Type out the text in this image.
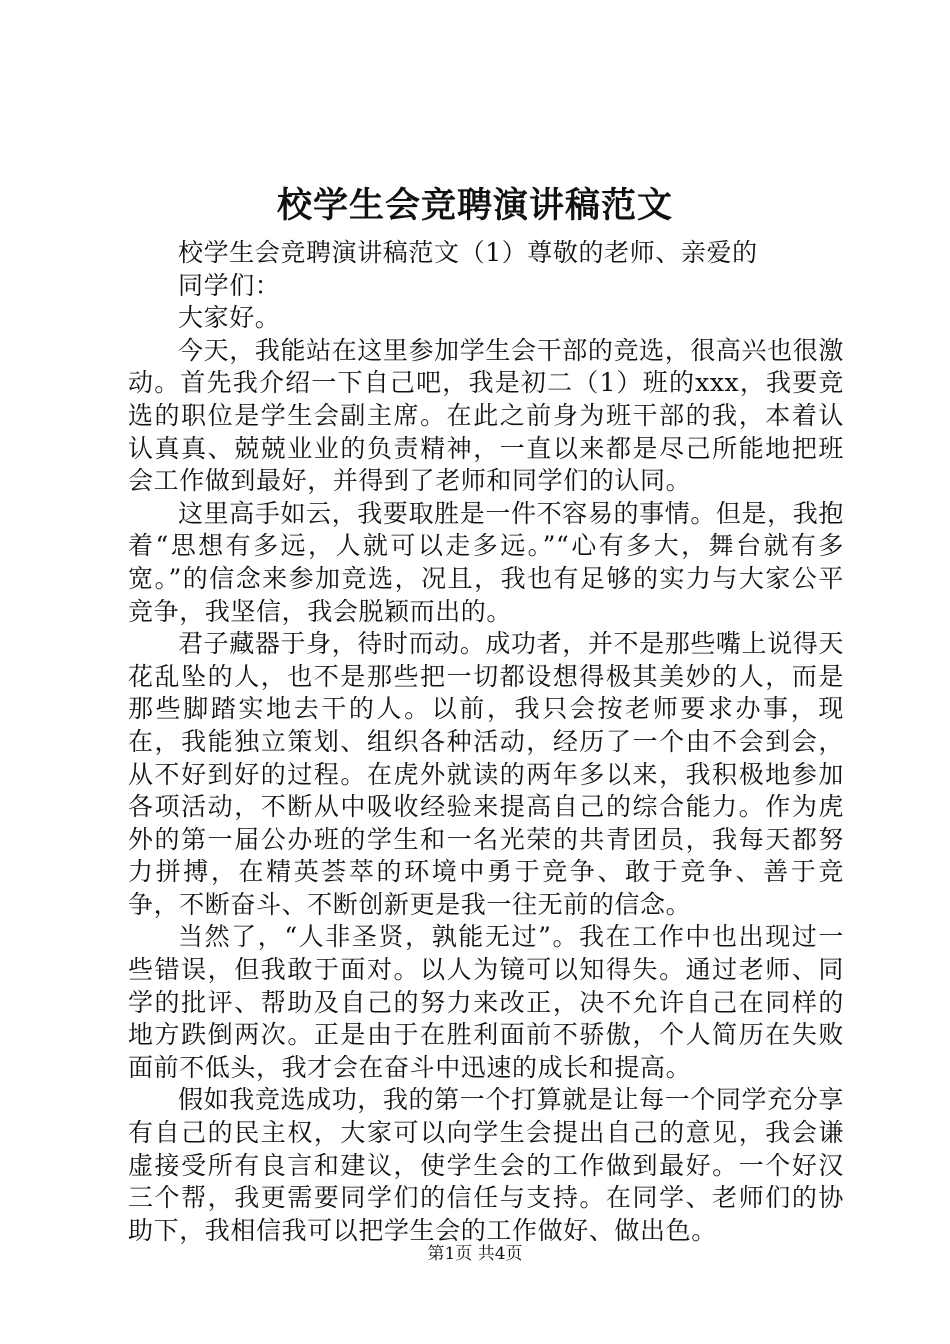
校学生会竞聘演讲稿范文

校学生会竞聘演讲稿范文（1）尊敬的老师、亲爱的

同学们：

大家好。

今天，我能站在这里参加学生会干部的竞选，很高兴也很激动。首先我介绍一下自己吧，我是初二（1）班的xxx，我要竞选的职位是学生会副主席。在此之前身为班干部的我，本着认认真真、兢兢业业的负责精神，一直以来都是尽己所能地把班会工作做到最好，并得到了老师和同学们的认同。

这里高手如云，我要取胜是一件不容易的事情。但是，我抱着“思想有多远，人就可以走多远。”“心有多大，舞台就有多宽。”的信念来参加竞选，况且，我也有足够的实力与大家公平竞争，我坚信，我会脱颖而出的。

君子藏器于身，待时而动。成功者，并不是那些嘴上说得天花乱坠的人，也不是那些把一切都设想得极其美妙的人，而是那些脚踏实地去干的人。以前，我只会按老师要求办事，现在，我能独立策划、组织各种活动，经历了一个由不会到会，从不好到好的过程。在虎外就读的两年多以来，我积极地参加各项活动，不断从中吸收经验来提高自己的综合能力。作为虎外的第一届公办班的学生和一名光荣的共青团员，我每天都努力拼搏，在精英荟萃的环境中勇于竞争、敢于竞争、善于竞争，不断奋斗、不断创新更是我一往无前的信念。

当然了，“人非圣贤，孰能无过”。我在工作中也出现过一些错误，但我敢于面对。以人为镜可以知得失。通过老师、同学的批评、帮助及自己的努力来改正，决不允许自己在同样的地方跌倒两次。正是由于在胜利面前不骄傲，个人简历在失败面前不低头，我才会在奋斗中迅速的成长和提高。

假如我竞选成功，我的第一个打算就是让每一个同学充分享有自己的民主权，大家可以向学生会提出自己的意见，我会谦虚接受所有良言和建议，使学生会的工作做到最好。一个好汉三个帮，我更需要同学们的信任与支持。在同学、老师们的协助下，我相信我可以把学生会的工作做好、做出色。

第1页 共4页
